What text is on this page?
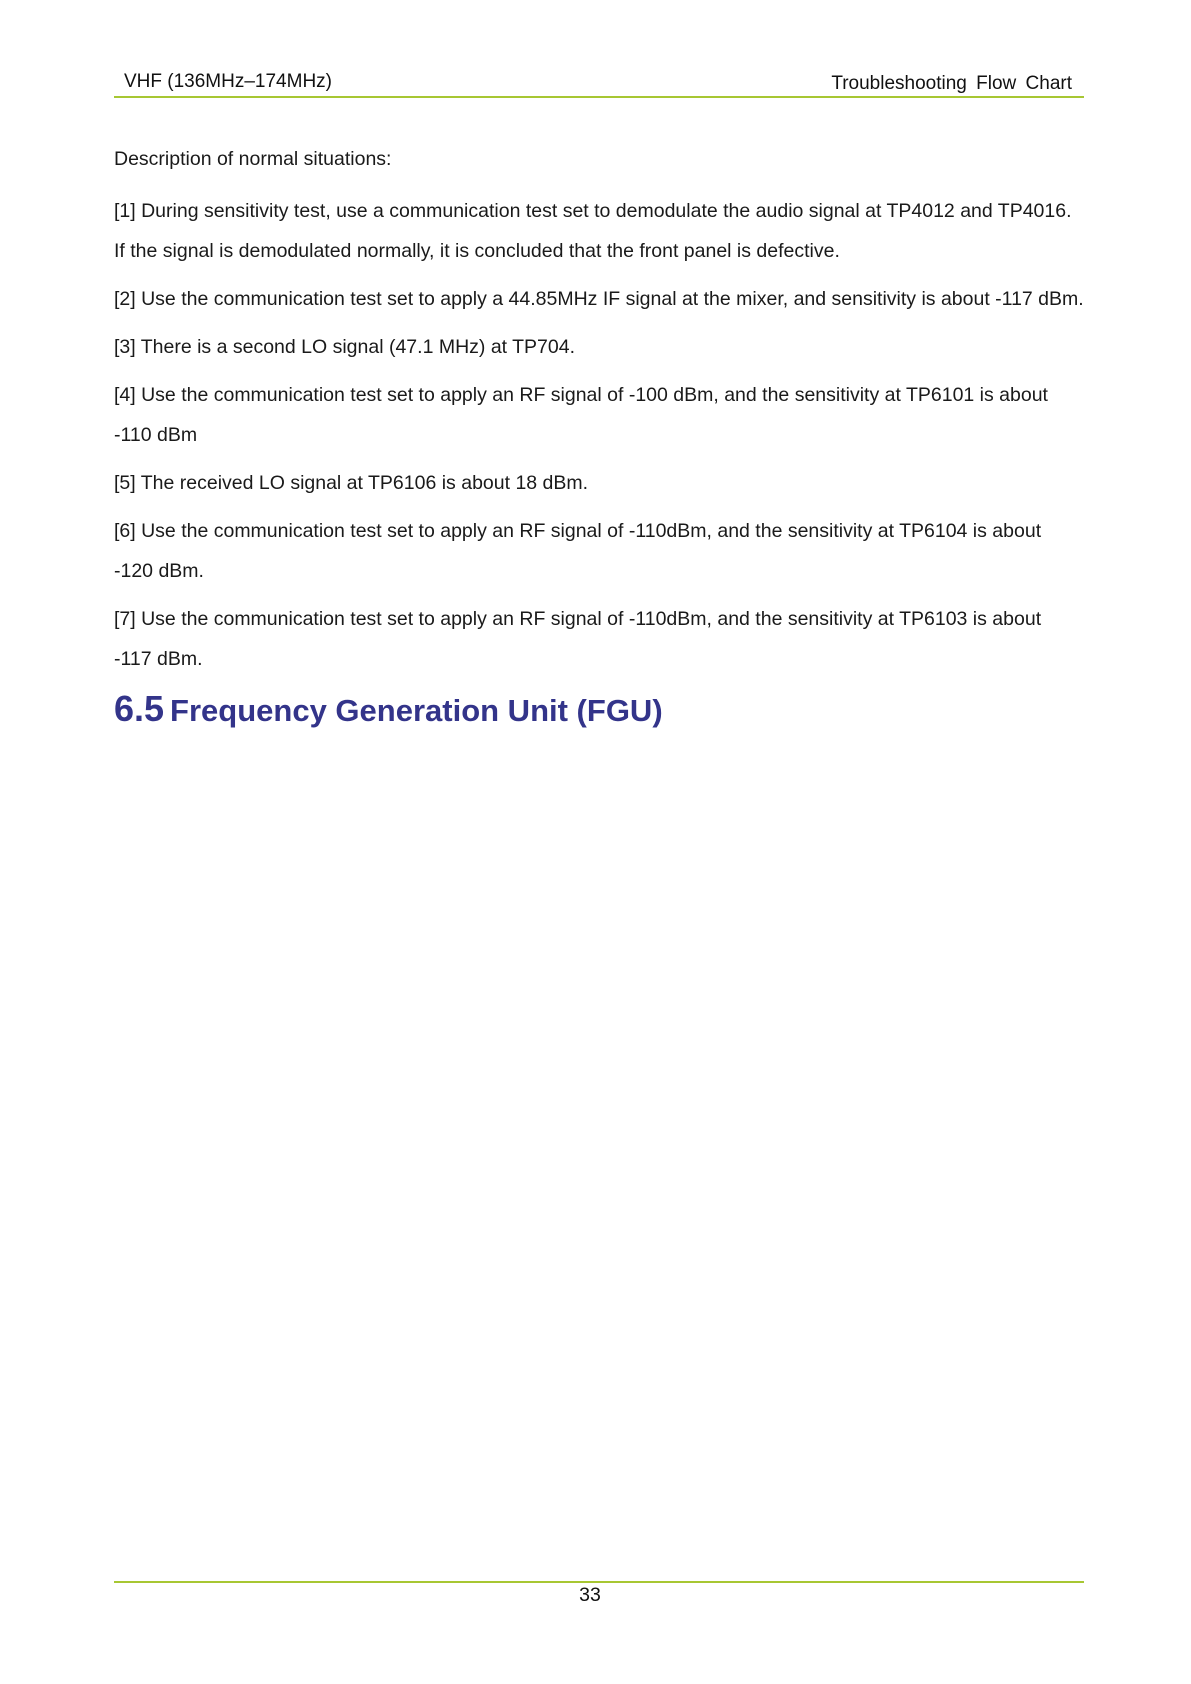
VHF (136MHz–174MHz)	Troubleshooting Flow Chart

Description of normal situations:

[1] During sensitivity test, use a communication test set to demodulate the audio signal at TP4012 and TP4016. If the signal is demodulated normally, it is concluded that the front panel is defective.

[2] Use the communication test set to apply a 44.85MHz IF signal at the mixer, and sensitivity is about -117 dBm.

[3] There is a second LO signal (47.1 MHz) at TP704.

[4] Use the communication test set to apply an RF signal of -100 dBm, and the sensitivity at TP6101 is about -110 dBm

[5] The received LO signal at TP6106 is about 18 dBm.

[6] Use the communication test set to apply an RF signal of -110dBm, and the sensitivity at TP6104 is about -120 dBm.

[7] Use the communication test set to apply an RF signal of -110dBm, and the sensitivity at TP6103 is about -117 dBm.

6.5 Frequency Generation Unit (FGU)
33
